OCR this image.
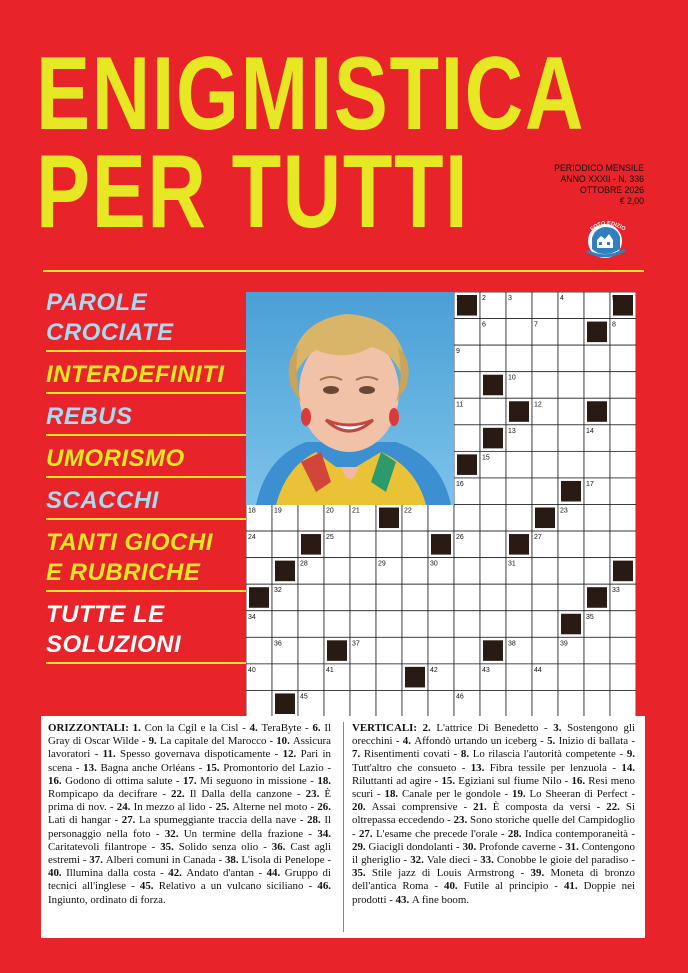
ENIGMISTICA
PER TUTTI	PERIODICO MENSILE
ANNO XXXII - N. 336
OTTOBRE 2026
€ 2,00
FOTO EDIZIO
PAROLE
CROCIATE
INTERDEFINITI
REBUS
UMORISMO
SCACCHI
TANTI GIOCHI
E RUBRICHE
TUTTE LE
SOLUZIONI
1	2	3	4	5
6	7	8
9
10
11	12
13	14
15
16	17
18	19	20	21	22	23
24	25	26	27
28	29	30	31
32	33
34	35
36	37	38	39
40	41	42	43	44
45	46
ORIZZONTALI: 1. Con la Cgil e la Cisl - 4. TeraByte - 6. Il Gray di Oscar Wilde - 9. La capitale del Marocco - 10. Assicura lavoratori - 11. Spesso governava dispoticamente - 12. Pari in scena - 13. Bagna anche Orléans - 15. Promontorio del Lazio - 16. Godono di ottima salute - 17. Mi seguono in missione - 18. Rompicapo da decifrare - 22. Il Dalla della canzone - 23. È prima di nov. - 24. In mezzo al lido - 25. Alterne nel moto - 26. Lati di hangar - 27. La spumeggiante traccia della nave - 28. Il personaggio nella foto - 32. Un termine della frazione - 34. Caritatevoli filantrope - 35. Solido senza olio - 36. Cast agli estremi - 37. Alberi comuni in Canada - 38. L'isola di Penelope - 40. Illumina dalla costa - 42. Andato d'antan - 44. Gruppo di tecnici all'inglese - 45. Relativo a un vulcano siciliano - 46. Ingiunto, ordinato di forza.
VERTICALI: 2. L'attrice Di Benedetto - 3. Sostengono gli orecchini - 4. Affondò urtando un iceberg - 5. Inizio di ballata - 7. Risentimenti covati - 8. Lo rilascia l'autorità competente - 9. Tutt'altro che consueto - 13. Fibra tessile per lenzuola - 14. Riluttanti ad agire - 15. Egiziani sul fiume Nilo - 16. Resi meno scuri - 18. Canale per le gondole - 19. Lo Sheeran di Perfect - 20. Assai comprensive - 21. È composta da versi - 22. Si oltrepassa eccedendo - 23. Sono storiche quelle del Campidoglio - 27. L'esame che precede l'orale - 28. Indica contemporaneità - 29. Giacigli dondolanti - 30. Profonde caverne - 31. Contengono il gheriglio - 32. Vale dieci - 33. Conobbe le gioie del paradiso - 35. Stile jazz di Louis Armstrong - 39. Moneta di bronzo dell'antica Roma - 40. Futile al principio - 41. Doppie nei prodotti - 43. A fine boom.
